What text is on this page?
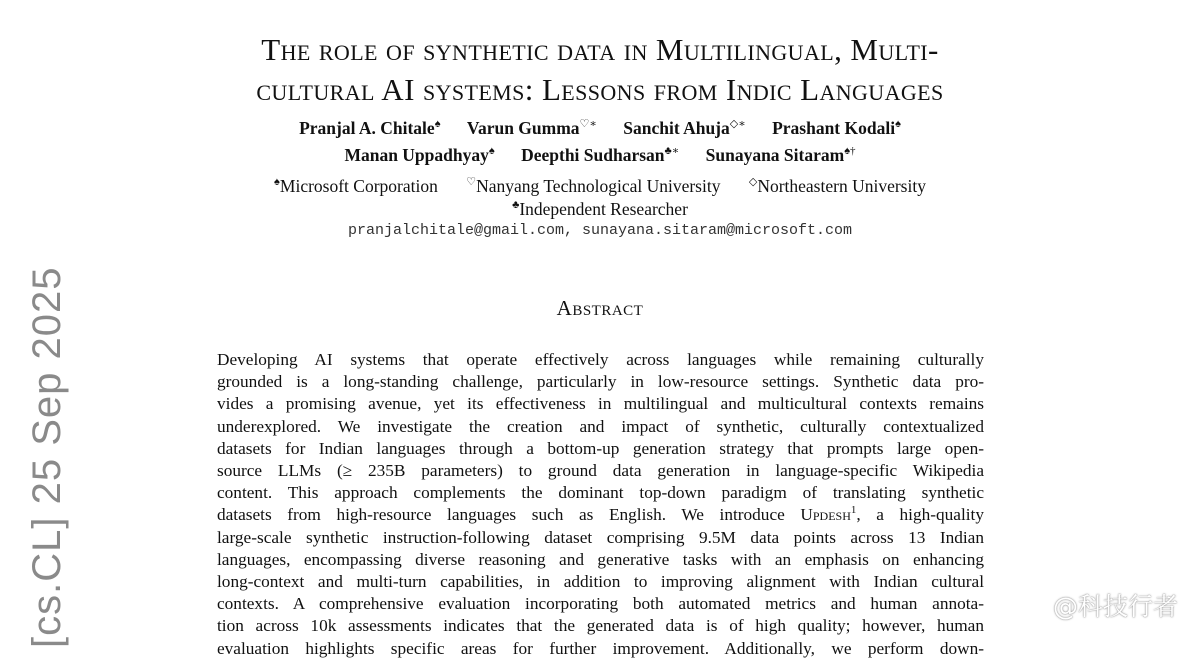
The role of synthetic data in Multilingual, Multi-
cultural AI systems: Lessons from Indic Languages
Pranjal A. Chitale♠ Varun Gumma♡∗ Sanchit Ahuja◇∗ Prashant Kodali♠
Manan Uppadhyay♠ Deepthi Sudharsan♣∗ Sunayana Sitaram♠†
♠Microsoft Corporation	♡Nanyang Technological University	◇Northeastern University
♣Independent Researcher
pranjalchitale@gmail.com, sunayana.sitaram@microsoft.com
Abstract
Developing AI systems that operate effectively across languages while remaining culturally
grounded is a long-standing challenge, particularly in low-resource settings. Synthetic data pro-
vides a promising avenue, yet its effectiveness in multilingual and multicultural contexts remains
underexplored. We investigate the creation and impact of synthetic, culturally contextualized
datasets for Indian languages through a bottom-up generation strategy that prompts large open-
source LLMs (≥ 235B parameters) to ground data generation in language-specific Wikipedia
content. This approach complements the dominant top-down paradigm of translating synthetic
datasets from high-resource languages such as English. We introduce Updesh$^1$, a high-quality
large-scale synthetic instruction-following dataset comprising 9.5M data points across 13 Indian
languages, encompassing diverse reasoning and generative tasks with an emphasis on enhancing
long-context and multi-turn capabilities, in addition to improving alignment with Indian cultural
contexts. A comprehensive evaluation incorporating both automated metrics and human annota-
tion across 10k assessments indicates that the generated data is of high quality; however, human
evaluation highlights specific areas for further improvement. Additionally, we perform down-
[cs.CL] 25 Sep 2025	@科技行者
